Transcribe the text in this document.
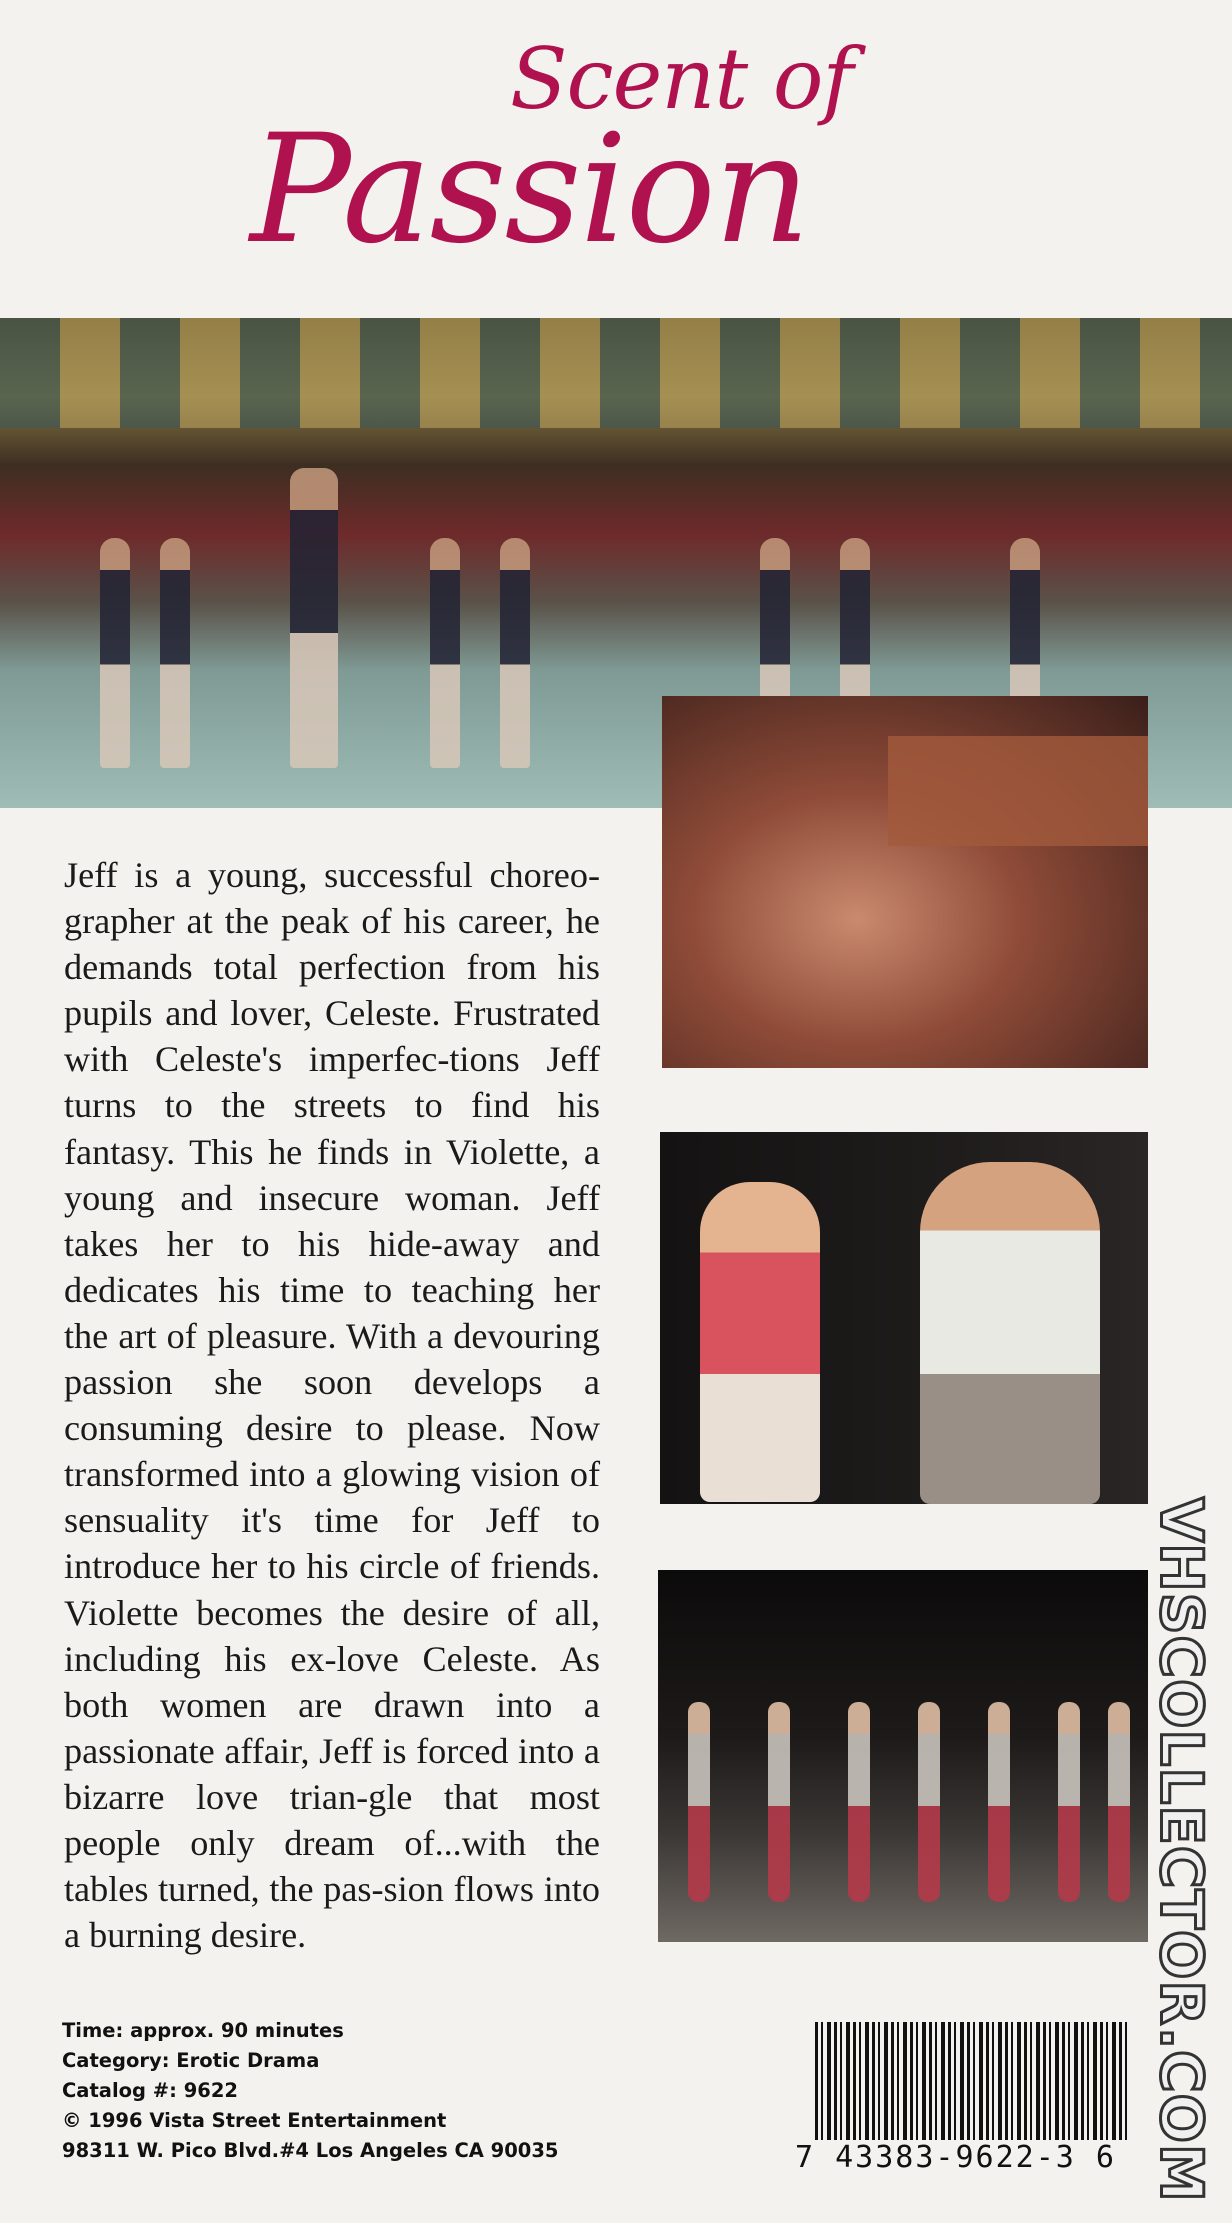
Scent of
Passion
Jeff is a young, successful choreo-grapher at the peak of his career, he demands total perfection from his pupils and lover, Celeste. Frustrated with Celeste's imperfec-tions Jeff turns to the streets to find his fantasy. This he finds in Violette, a young and insecure woman. Jeff takes her to his hide-away and dedicates his time to teaching her the art of pleasure. With a devouring passion she soon develops a consuming desire to please. Now transformed into a glowing vision of sensuality it's time for Jeff to introduce her to his circle of friends. Violette becomes the desire of all, including his ex-love Celeste. As both women are drawn into a passionate affair, Jeff is forced into a bizarre love trian-gle that most people only dream of...with the tables turned, the pas-sion flows into a burning desire.
Time: approx. 90 minutes
Category: Erotic Drama
Catalog #: 9622
© 1996 Vista Street Entertainment
98311 W. Pico Blvd.#4 Los Angeles CA 90035	7 43383-9622-3 6 VHSCOLLECTOR.COM
